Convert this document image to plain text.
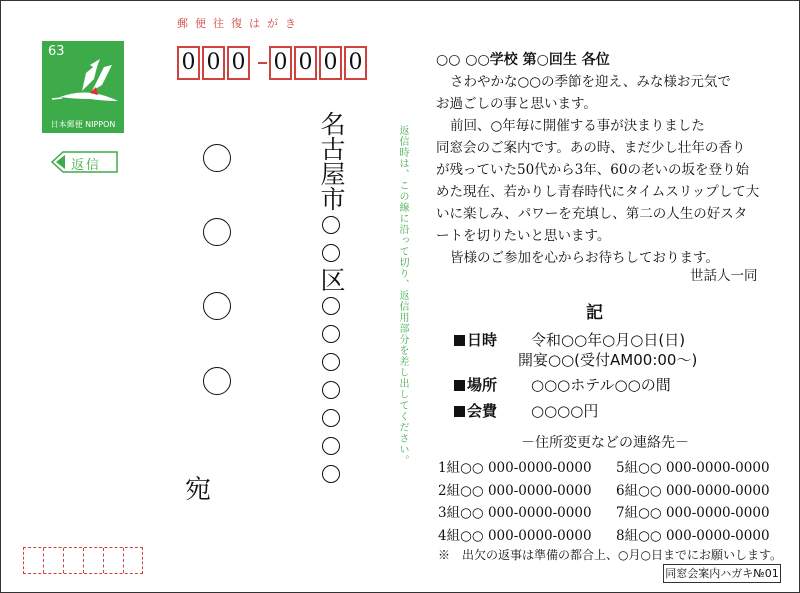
63
日本郵便 NIPPON
返信
郵便往復はがき
0 0 0 0 0 0 0
名古屋市区
宛
返信時は、この線に沿って切り、返信用部分を差し出してください。
○○ ○○学校 第○回生 各位
さわやかな○○の季節を迎え、みな様お元気で
お過ごしの事と思います。
前回、○年毎に開催する事が決まりました
同窓会のご案内です。あの時、まだ少し壮年の香り
が残っていた50代から3年、60の老いの坂を登り始
めた現在、若かりし青春時代にタイムスリップして大
いに楽しみ、パワーを充填し、第二の人生の好スタ
ートを切りたいと思います。
皆様のご参加を心からお待ちしております。
世話人一同
記
日時 令和○○年○月○日(日)
開宴○○(受付AM00:00～)
場所 ○○○ホテル○○の間
会費 ○○○○円
－住所変更などの連絡先－
1組○○ 000-0000-0000
2組○○ 000-0000-0000
3組○○ 000-0000-0000
4組○○ 000-0000-0000
5組○○ 000-0000-0000
6組○○ 000-0000-0000
7組○○ 000-0000-0000
8組○○ 000-0000-0000
※　出欠の返事は準備の都合上、○月○日までにお願いします。
同窓会案内ハガキ№01
